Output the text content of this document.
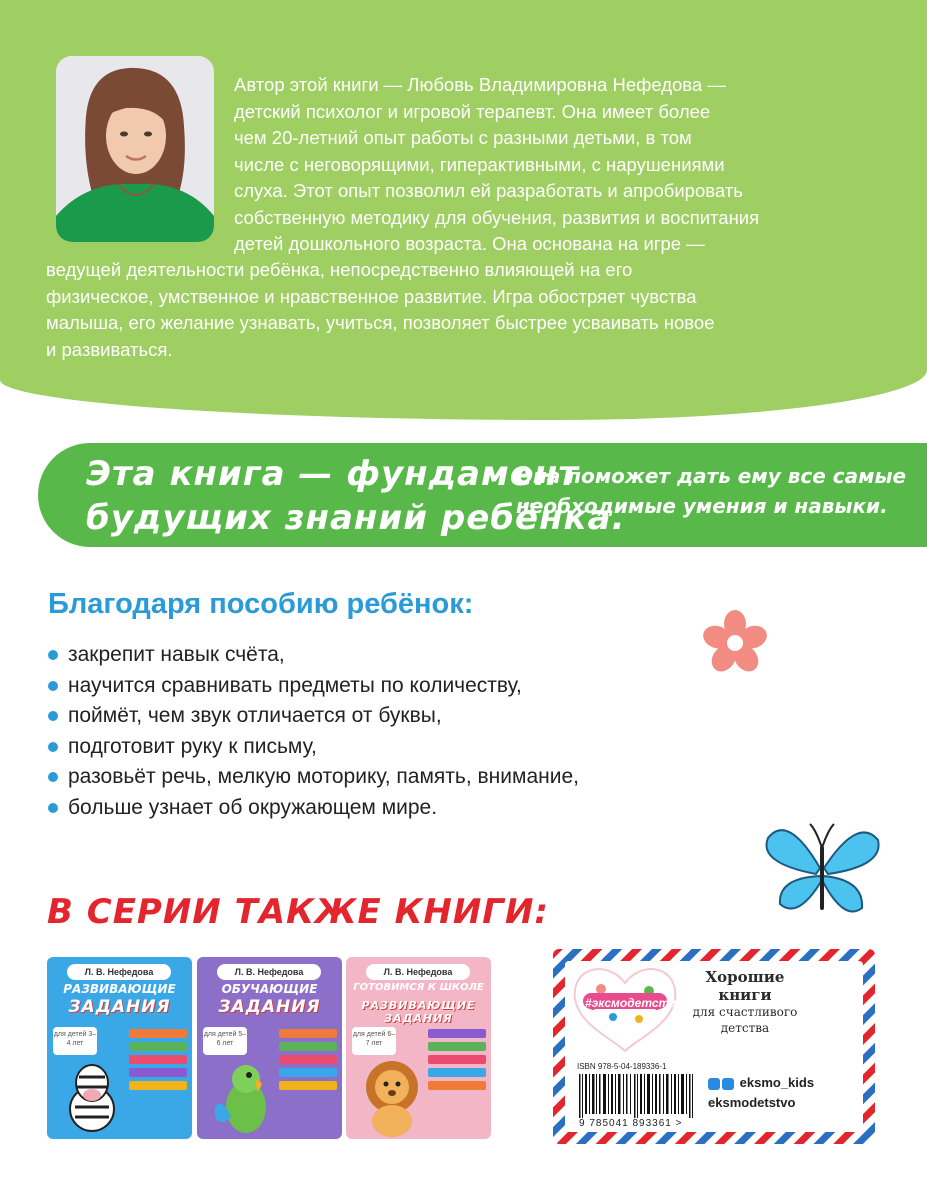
Автор этой книги — Любовь Владимировна Нефедова —
детский психолог и игровой терапевт. Она имеет более
чем 20-летний опыт работы с разными детьми, в том
числе с неговорящими, гиперактивными, с нарушениями
слуха. Этот опыт позволил ей разработать и апробировать
собственную методику для обучения, развития и воспитания
детей дошкольного возраста. Она основана на игре —
ведущей деятельности ребёнка, непосредственно влияющей на его
физическое, умственное и нравственное развитие. Игра обостряет чувства
малыша, его желание узнавать, учиться, позволяет быстрее усваивать новое
и развиваться.
Эта книга — фундамент
будущих знаний ребёнка.
Она поможет дать ему все самые
необходимые умения и навыки.
Благодаря пособию ребёнок:
закрепит навык счёта,
научится сравнивать предметы по количеству,
поймёт, чем звук отличается от буквы,
подготовит руку к письму,
разовьёт речь, мелкую моторику, память, внимание,
больше узнает об окружающем мире.
В СЕРИИ ТАКЖЕ КНИГИ:
Л. В. Нефедова
РАЗВИВАЮЩИЕ
ЗАДАНИЯ
для детей 3–4 лет
Л. В. Нефедова
ОБУЧАЮЩИЕ
ЗАДАНИЯ
для детей 5–6 лет
Л. В. Нефедова
ГОТОВИМСЯ К ШКОЛЕ
РАЗВИВАЮЩИЕ ЗАДАНИЯ
для детей 6–7 лет
#эксмодетство
Хорошие
книги
для счастливого
детства
ISBN 978-5-04-189336-1
9 785041 893361 >
eksmo_kids
eksmodetstvo
